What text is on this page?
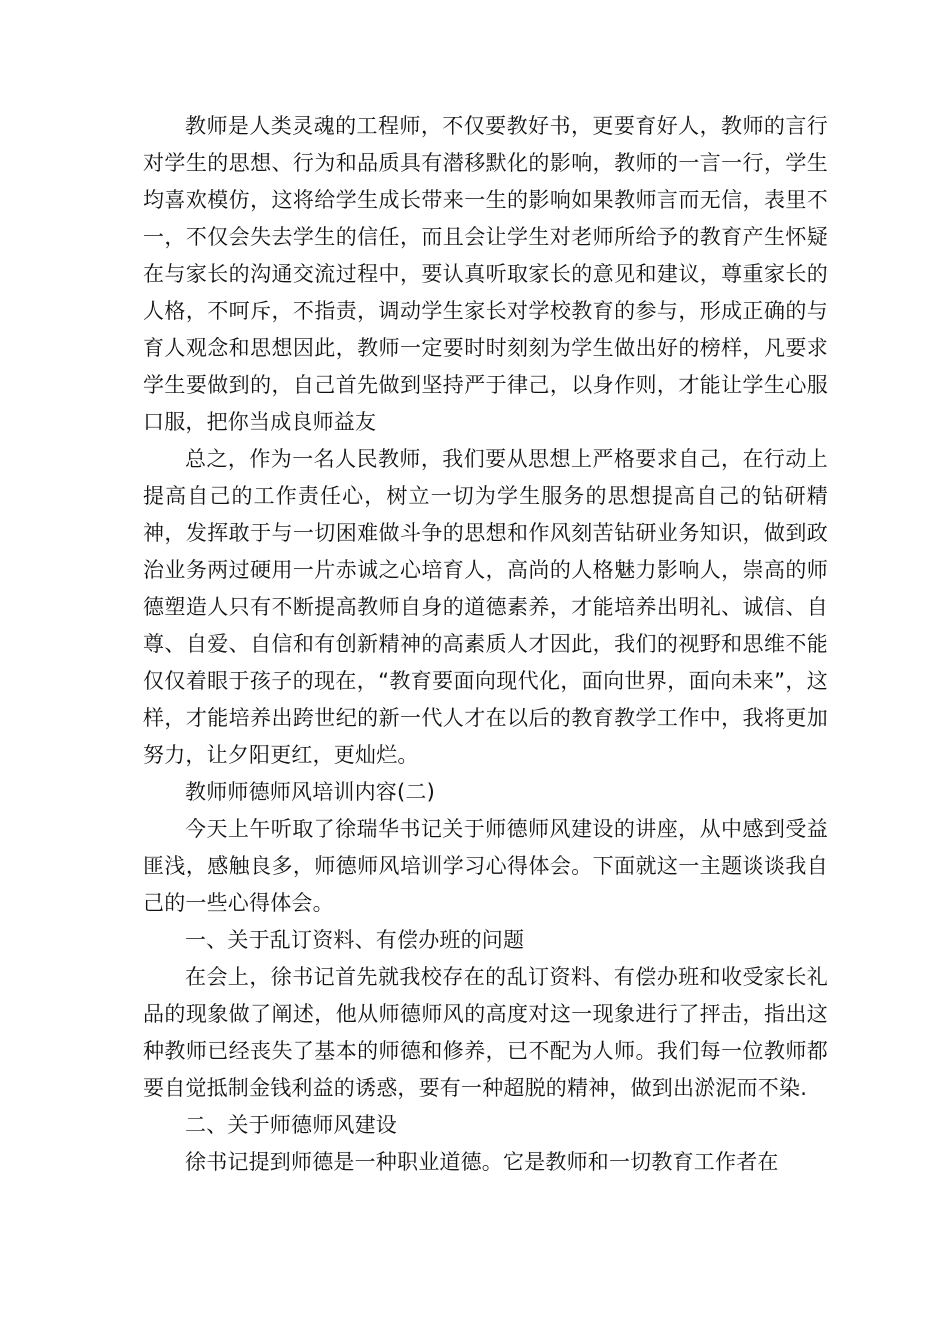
教师是人类灵魂的工程师，不仅要教好书，更要育好人，教师的言行对学生的思想、行为和品质具有潜移默化的影响，教师的一言一行，学生均喜欢模仿，这将给学生成长带来一生的影响如果教师言而无信，表里不一，不仅会失去学生的信任，而且会让学生对老师所给予的教育产生怀疑在与家长的沟通交流过程中，要认真听取家长的意见和建议，尊重家长的人格，不呵斥，不指责，调动学生家长对学校教育的参与，形成正确的与育人观念和思想因此，教师一定要时时刻刻为学生做出好的榜样，凡要求学生要做到的，自己首先做到坚持严于律己，以身作则，才能让学生心服口服，把你当成良师益友

总之，作为一名人民教师，我们要从思想上严格要求自己，在行动上提高自己的工作责任心，树立一切为学生服务的思想提高自己的钻研精神，发挥敢于与一切困难做斗争的思想和作风刻苦钻研业务知识，做到政治业务两过硬用一片赤诚之心培育人，高尚的人格魅力影响人，崇高的师德塑造人只有不断提高教师自身的道德素养，才能培养出明礼、诚信、自尊、自爱、自信和有创新精神的高素质人才因此，我们的视野和思维不能仅仅着眼于孩子的现在，“教育要面向现代化，面向世界，面向未来”，这样，才能培养出跨世纪的新一代人才在以后的教育教学工作中，我将更加努力，让夕阳更红，更灿烂。

教师师德师风培训内容(二)

今天上午听取了徐瑞华书记关于师德师风建设的讲座，从中感到受益匪浅，感触良多，师德师风培训学习心得体会。下面就这一主题谈谈我自己的一些心得体会。

一、关于乱订资料、有偿办班的问题

在会上，徐书记首先就我校存在的乱订资料、有偿办班和收受家长礼品的现象做了阐述，他从师德师风的高度对这一现象进行了抨击，指出这种教师已经丧失了基本的师德和修养，已不配为人师。我们每一位教师都要自觉抵制金钱利益的诱惑，要有一种超脱的精神，做到出淤泥而不染.

二、关于师德师风建设

徐书记提到师德是一种职业道德。它是教师和一切教育工作者在
